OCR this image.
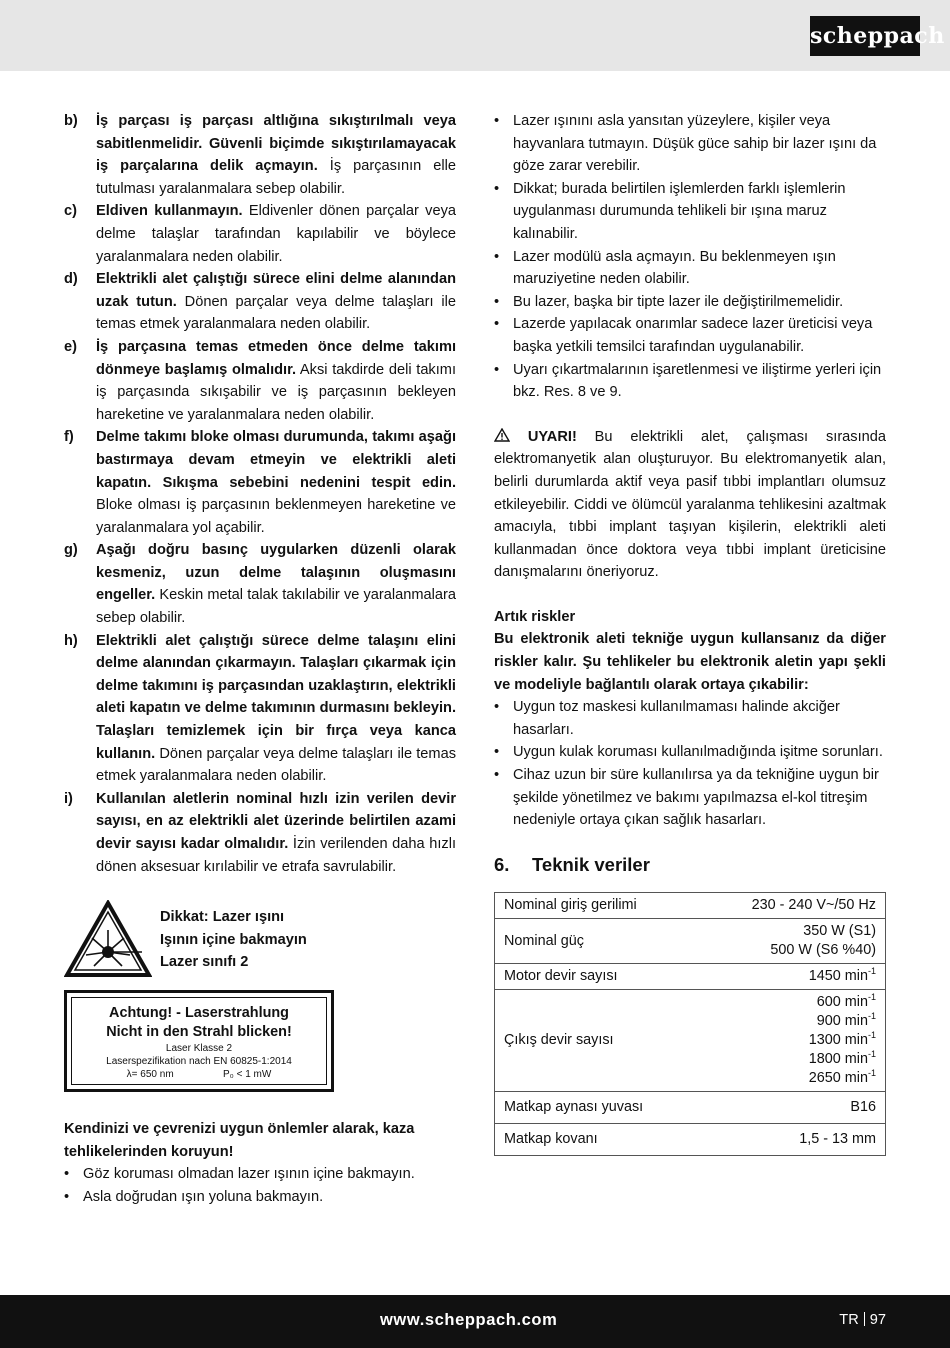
scheppach
b)	İş parçası iş parçası altlığına sıkıştırılmalı veya sabitlenmelidir. Güvenli biçimde sıkıştırılamayacak iş parçalarına delik açmayın. İş parçasının elle tutulması yaralanmalara sebep olabilir.
c)	Eldiven kullanmayın. Eldivenler dönen parçalar veya delme talaşlar tarafından kapılabilir ve böylece yaralanmalara neden olabilir.
d)	Elektrikli alet çalıştığı sürece elini delme alanından uzak tutun. Dönen parçalar veya delme talaşları ile temas etmek yaralanmalara neden olabilir.
e)	İş parçasına temas etmeden önce delme takımı dönmeye başlamış olmalıdır. Aksi takdirde deli takımı iş parçasında sıkışabilir ve iş parçasının bekleyen hareketine ve yaralanmalara neden olabilir.
f)	Delme takımı bloke olması durumunda, takımı aşağı bastırmaya devam etmeyin ve elektrikli aleti kapatın. Sıkışma sebebini nedenini tespit edin. Bloke olması iş parçasının beklenmeyen hareketine ve yaralanmalara yol açabilir.
g)	Aşağı doğru basınç uygularken düzenli olarak kesmeniz, uzun delme talaşının oluşmasını engeller. Keskin metal talak takılabilir ve yaralanmalara sebep olabilir.
h)	Elektrikli alet çalıştığı sürece delme talaşını elini delme alanından çıkarmayın. Talaşları çıkarmak için delme takımını iş parçasından uzaklaştırın, elektrikli aleti kapatın ve delme takımının durmasını bekleyin. Talaşları temizlemek için bir fırça veya kanca kullanın. Dönen parçalar veya delme talaşları ile temas etmek yaralanmalara neden olabilir.
i)	Kullanılan aletlerin nominal hızlı izin verilen devir sayısı, en az elektrikli alet üzerinde belirtilen azami devir sayısı kadar olmalıdır. İzin verilenden daha hızlı dönen aksesuar kırılabilir ve etrafa savrulabilir.
Dikkat: Lazer ışını
Işının içine bakmayın
Lazer sınıfı 2
Achtung! - Laserstrahlung
Nicht in den Strahl blicken!
Laser Klasse 2
Laserspezifikation nach EN 60825-1:2014
λ= 650 nm	P₀ < 1 mW
Kendinizi ve çevrenizi uygun önlemler alarak, kaza tehlikelerinden koruyun!
• Göz koruması olmadan lazer ışının içine bakmayın.
• Asla doğrudan ışın yoluna bakmayın.
• Lazer ışınını asla yansıtan yüzeylere, kişiler veya hayvanlara tutmayın. Düşük güce sahip bir lazer ışını da göze zarar verebilir.
• Dikkat; burada belirtilen işlemlerden farklı işlemlerin uygulanması durumunda tehlikeli bir ışına maruz kalınabilir.
• Lazer modülü asla açmayın. Bu beklenmeyen ışın maruziyetine neden olabilir.
• Bu lazer, başka bir tipte lazer ile değiştirilmemelidir.
• Lazerde yapılacak onarımlar sadece lazer üreticisi veya başka yetkili temsilci tarafından uygulanabilir.
• Uyarı çıkartmalarının işaretlenmesi ve iliştirme yerleri için bkz. Res. 8 ve 9.
UYARI! Bu elektrikli alet, çalışması sırasında elektromanyetik alan oluşturuyor. Bu elektromanyetik alan, belirli durumlarda aktif veya pasif tıbbi implantları olumsuz etkileyebilir. Ciddi ve ölümcül yaralanma tehlikesini azaltmak amacıyla, tıbbi implant taşıyan kişilerin, elektrikli aleti kullanmadan önce doktora veya tıbbi implant üreticisine danışmalarını öneriyoruz.
Artık riskler
Bu elektronik aleti tekniğe uygun kullansanız da diğer riskler kalır. Şu tehlikeler bu elektronik aletin yapı şekli ve modeliyle bağlantılı olarak ortaya çıkabilir:
• Uygun toz maskesi kullanılmaması halinde akciğer hasarları.
• Uygun kulak koruması kullanılmadığında işitme sorunları.
• Cihaz uzun bir süre kullanılırsa ya da tekniğine uygun bir şekilde yönetilmez ve bakımı yapılmazsa el-kol titreşim nedeniyle ortaya çıkan sağlık hasarları.
6. Teknik veriler
Nominal giriş gerilimi	230 - 240 V~/50 Hz
Nominal güç	350 W (S1)
500 W (S6 %40)

Motor devir sayısı	1450 $\min^{-1}$
Çıkış devir sayısı	600 $\min^{-1}$
900 $\min^{-1}$
1300 $\min^{-1}$
1800 $\min^{-1}$
2650 $\min^{-1}$

Matkap aynası yuvası	B16
Matkap kovanı	1,5 - 13 mm
www.scheppach.com	TR 97
